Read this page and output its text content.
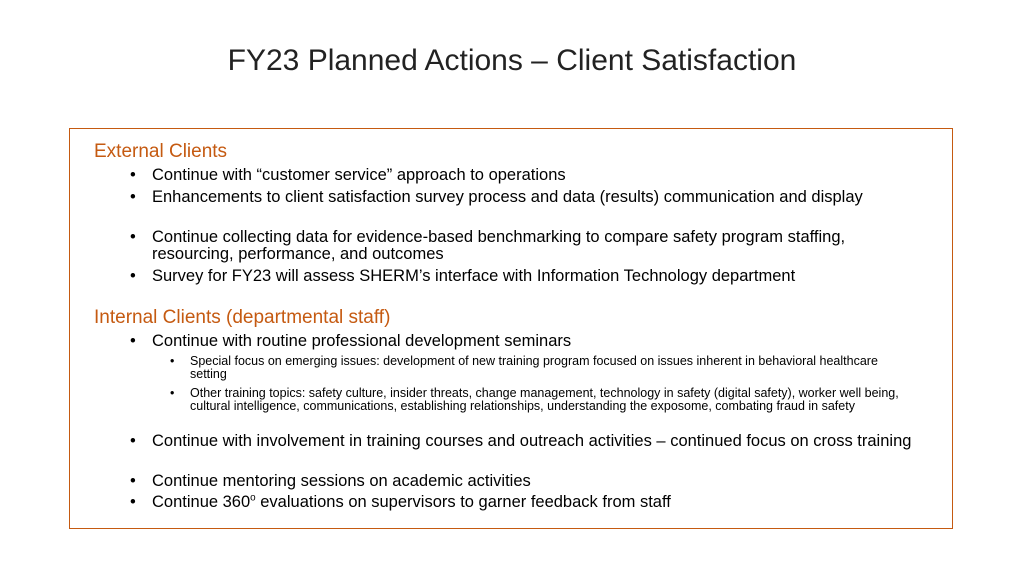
FY23 Planned Actions – Client Satisfaction
External Clients
• Continue with “customer service” approach to operations
• Enhancements to client satisfaction survey process and data (results) communication and display
• Continue collecting data for evidence-based benchmarking to compare safety program staffing, resourcing, performance, and outcomes
• Survey for FY23 will assess SHERM’s interface with Information Technology department
Internal Clients (departmental staff)
• Continue with routine professional development seminars
• Special focus on emerging issues: development of new training program focused on issues inherent in behavioral healthcare setting
• Other training topics: safety culture, insider threats, change management, technology in safety (digital safety), worker well being, cultural intelligence, communications, establishing relationships, understanding the exposome, combating fraud in safety
• Continue with involvement in training courses and outreach activities – continued focus on cross training
• Continue mentoring sessions on academic activities
• Continue 360$^o$ evaluations on supervisors to garner feedback from staff
